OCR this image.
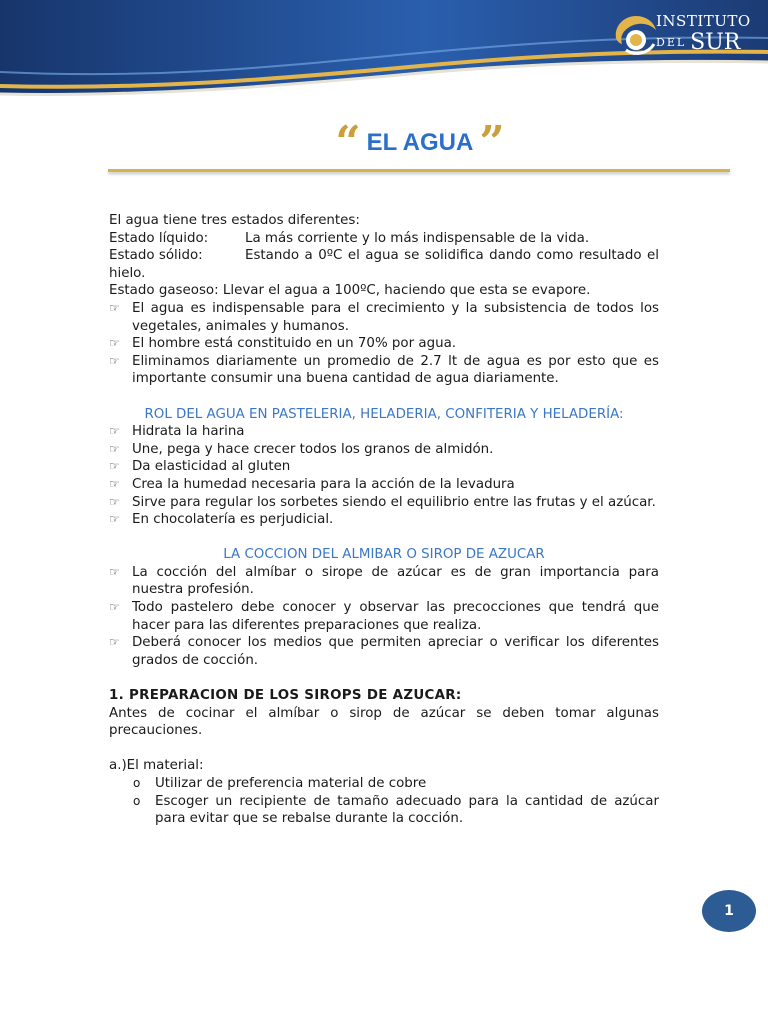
INSTITUTO
DEL SUR
“ EL AGUA ”

El agua tiene tres estados diferentes:

Estado líquido:	La más corriente y lo más indispensable de la vida.

Estado sólido:	Estando a 0ºC el agua se solidifica dando como resultado el hielo.

Estado gaseoso: Llevar el agua a 100ºC, haciendo que esta se evapore.

☞ El agua es indispensable para el crecimiento y la subsistencia de todos los vegetales, animales y humanos.

☞ El hombre está constituido en un 70% por agua.

☞ Eliminamos diariamente un promedio de 2.7 lt de agua es por esto que es importante consumir una buena cantidad de agua diariamente.

ROL DEL AGUA EN PASTELERIA, HELADERIA, CONFITERIA Y HELADERÍA:

☞ Hidrata la harina

☞ Une, pega y hace crecer todos los granos de almidón.

☞ Da elasticidad al gluten

☞ Crea la humedad necesaria para la acción de la levadura

☞ Sirve para regular los sorbetes siendo el equilibrio entre las frutas y el azúcar.

☞ En chocolatería es perjudicial.

LA COCCION DEL ALMIBAR O SIROP DE AZUCAR

☞ La cocción del almíbar o sirope de azúcar es de gran importancia para nuestra profesión.

☞ Todo pastelero debe conocer y observar las precocciones que tendrá que hacer para las diferentes preparaciones que realiza.

☞ Deberá conocer los medios que permiten apreciar o verificar los diferentes grados de cocción.

1. PREPARACION DE LOS SIROPS DE AZUCAR:

Antes de cocinar el almíbar o sirop de azúcar se deben tomar algunas precauciones.

a.)El material:

o Utilizar de preferencia material de cobre

o Escoger un recipiente de tamaño adecuado para la cantidad de azúcar para evitar que se rebalse durante la cocción.

1
